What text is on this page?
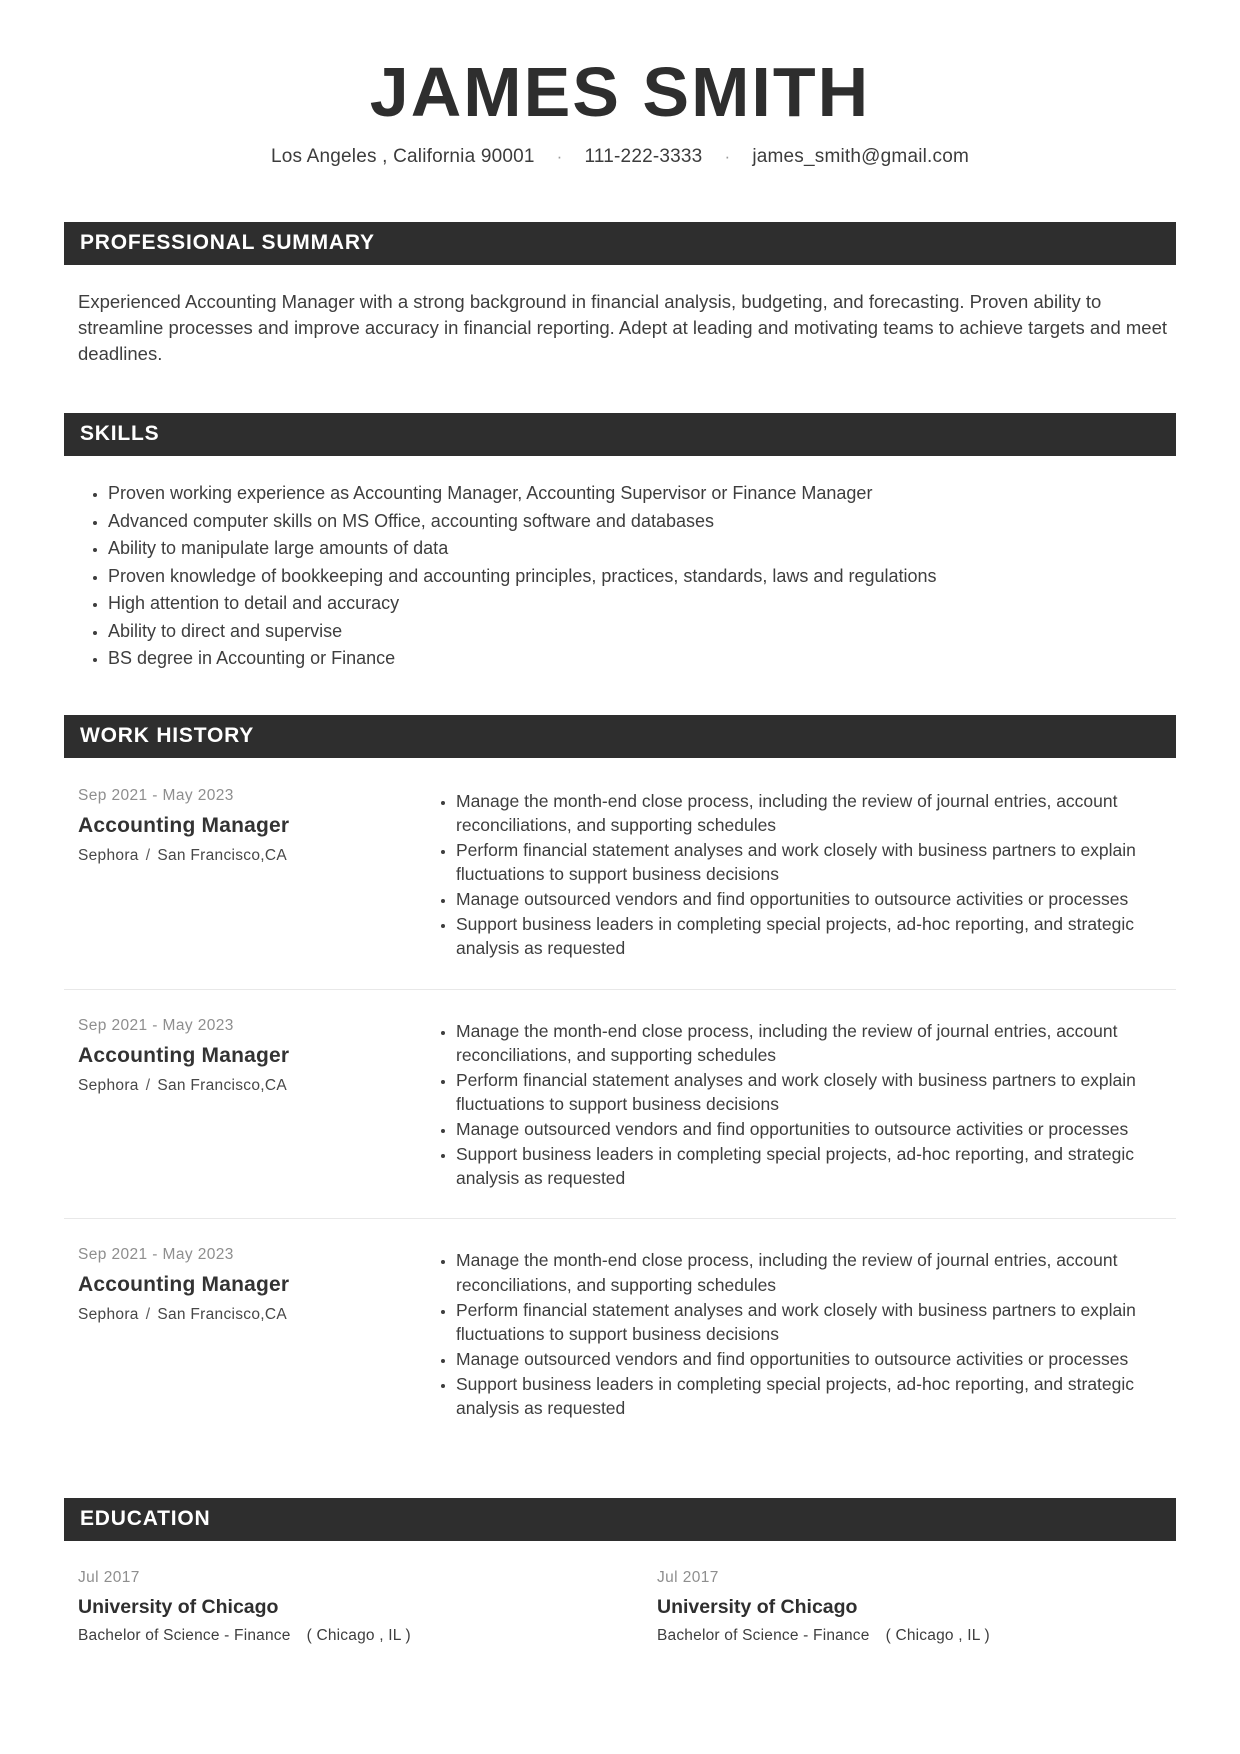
JAMES SMITH
Los Angeles , California 90001 · 111-222-3333 · james_smith@gmail.com
PROFESSIONAL SUMMARY

Experienced Accounting Manager with a strong background in financial analysis, budgeting, and forecasting. Proven ability to streamline processes and improve accuracy in financial reporting. Adept at leading and motivating teams to achieve targets and meet deadlines.

SKILLS
• Proven working experience as Accounting Manager, Accounting Supervisor or Finance Manager
• Advanced computer skills on MS Office, accounting software and databases
• Ability to manipulate large amounts of data
• Proven knowledge of bookkeeping and accounting principles, practices, standards, laws and regulations
• High attention to detail and accuracy
• Ability to direct and supervise
• BS degree in Accounting or Finance
WORK HISTORY
Sep 2021 - May 2023
Accounting Manager
Sephora / San Francisco,CA
• Manage the month-end close process, including the review of journal entries, account reconciliations, and supporting schedules
• Perform financial statement analyses and work closely with business partners to explain fluctuations to support business decisions
• Manage outsourced vendors and find opportunities to outsource activities or processes
• Support business leaders in completing special projects, ad-hoc reporting, and strategic analysis as requested
Sep 2021 - May 2023
Accounting Manager
Sephora / San Francisco,CA
• Manage the month-end close process, including the review of journal entries, account reconciliations, and supporting schedules
• Perform financial statement analyses and work closely with business partners to explain fluctuations to support business decisions
• Manage outsourced vendors and find opportunities to outsource activities or processes
• Support business leaders in completing special projects, ad-hoc reporting, and strategic analysis as requested
Sep 2021 - May 2023
Accounting Manager
Sephora / San Francisco,CA
• Manage the month-end close process, including the review of journal entries, account reconciliations, and supporting schedules
• Perform financial statement analyses and work closely with business partners to explain fluctuations to support business decisions
• Manage outsourced vendors and find opportunities to outsource activities or processes
• Support business leaders in completing special projects, ad-hoc reporting, and strategic analysis as requested
EDUCATION
Jul 2017
University of Chicago
Bachelor of Science - Finance ( Chicago , IL )
Jul 2017
University of Chicago
Bachelor of Science - Finance ( Chicago , IL )
